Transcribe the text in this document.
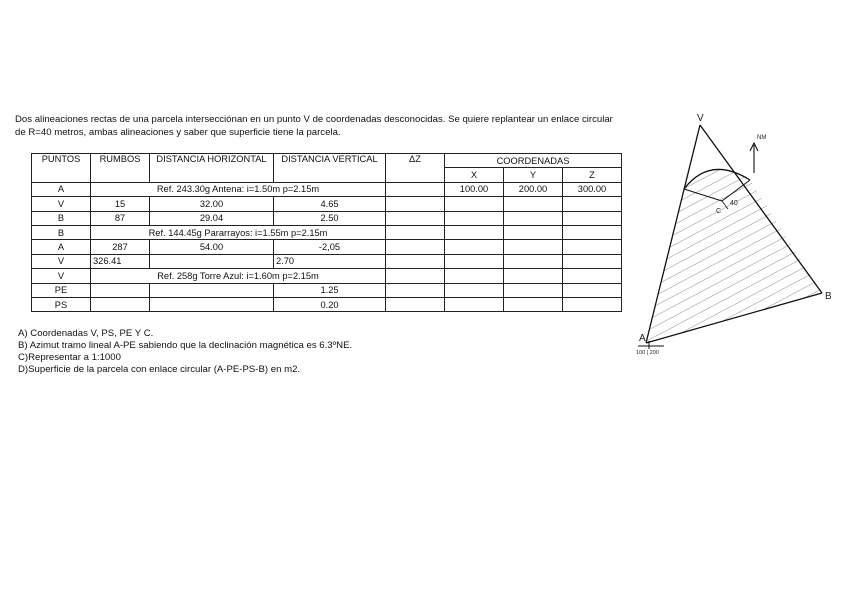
Dos alineaciones rectas de una parcela intersecciónan en un punto V de coordenadas desconocidas. Se quiere replantear un enlace circular
de R=40 metros, ambas alineaciones y saber que superficie tiene la parcela.
PUNTOS	RUMBOS	DISTANCIA HORIZONTAL	DISTANCIA VERTICAL	ΔZ	COORDENADAS		
					X	Y	Z
A	Ref. 243.30g Antena: i=1.50m p=2.15m				100.00	200.00	300.00
V	15	32.00	4.65				
B	87	29.04	2.50				
B	Ref. 144.45g Pararrayos: i=1.55m p=2.15m						
A	287	54.00	-2,05				
V	326.41		2.70				
V	Ref. 258g Torre Azul: i=1.60m p=2.15m						
PE			1.25				
PS			0.20				
A) Coordenadas V, PS, PE Y C.
B) Azimut tramo lineal A-PE sabiendo que la declinación magnética es 6.3ºNE.
C)Representar a 1:1000
D)Superficie de la parcela con enlace circular (A-PE-PS-B) en m2.
V
A
B
C
40
NM
100 | 200
